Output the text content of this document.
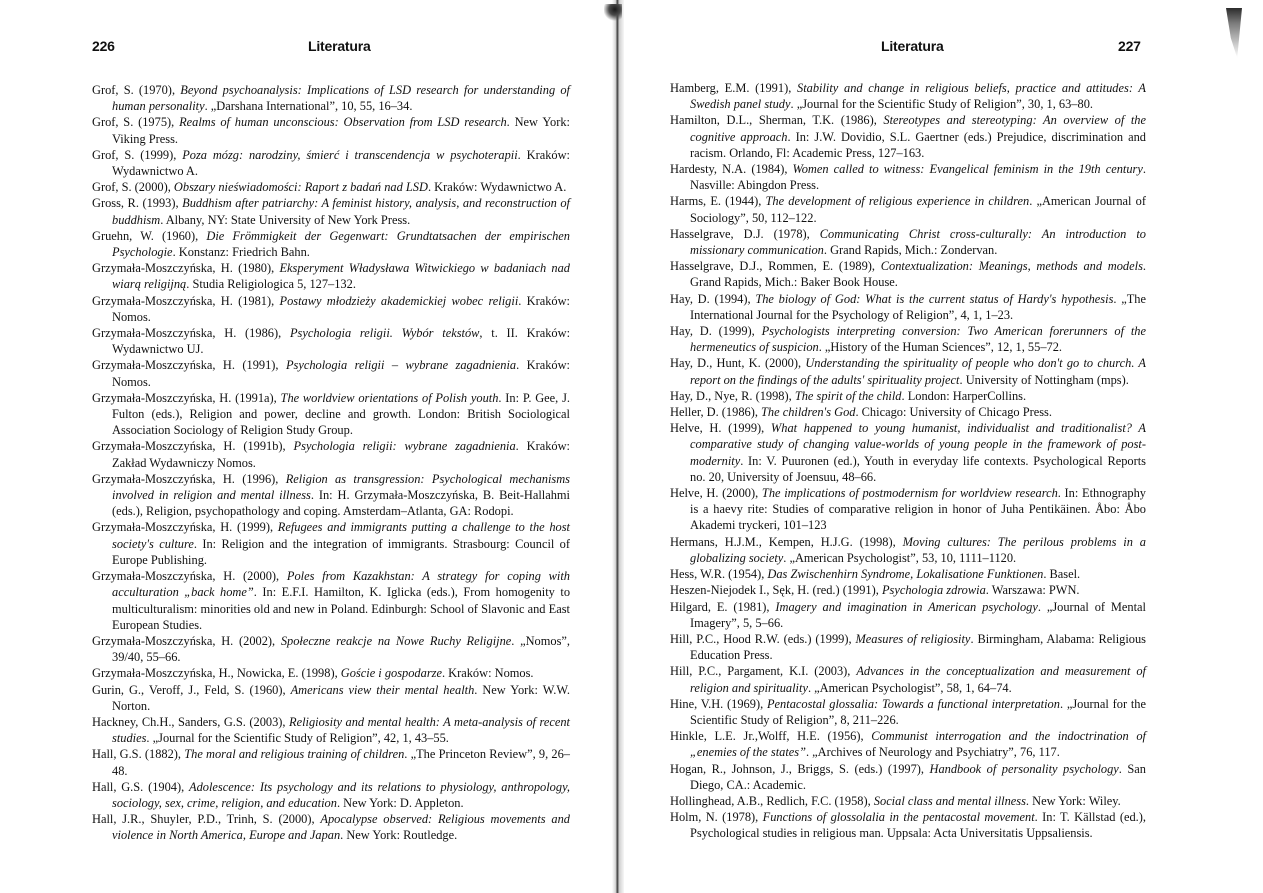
226	Literatura
Grof, S. (1970), Beyond psychoanalysis: Implications of LSD research for understanding of human personality. „Darshana International”, 10, 55, 16–34.
Grof, S. (1975), Realms of human unconscious: Observation from LSD research. New York: Viking Press.
Grof, S. (1999), Poza mózg: narodziny, śmierć i transcendencja w psychoterapii. Kraków: Wydawnictwo A.
Grof, S. (2000), Obszary nieświadomości: Raport z badań nad LSD. Kraków: Wydawnictwo A.
Gross, R. (1993), Buddhism after patriarchy: A feminist history, analysis, and reconstruction of buddhism. Albany, NY: State University of New York Press.
Gruehn, W. (1960), Die Frömmigkeit der Gegenwart: Grundtatsachen der empirischen Psychologie. Konstanz: Friedrich Bahn.
Grzymała-Moszczyńska, H. (1980), Eksperyment Władysława Witwickiego w badaniach nad wiarą religijną. Studia Religiologica 5, 127–132.
Grzymała-Moszczyńska, H. (1981), Postawy młodzieży akademickiej wobec religii. Kraków: Nomos.
Grzymała-Moszczyńska, H. (1986), Psychologia religii. Wybór tekstów, t. II. Kraków: Wydawnictwo UJ.
Grzymała-Moszczyńska, H. (1991), Psychologia religii – wybrane zagadnienia. Kraków: Nomos.
Grzymała-Moszczyńska, H. (1991a), The worldview orientations of Polish youth. In: P. Gee, J. Fulton (eds.), Religion and power, decline and growth. London: British Sociological Association Sociology of Religion Study Group.
Grzymała-Moszczyńska, H. (1991b), Psychologia religii: wybrane zagadnienia. Kraków: Zakład Wydawniczy Nomos.
Grzymała-Moszczyńska, H. (1996), Religion as transgression: Psychological mechanisms involved in religion and mental illness. In: H. Grzymała-Moszczyńska, B. Beit-Hallahmi (eds.), Religion, psychopathology and coping. Amsterdam–Atlanta, GA: Rodopi.
Grzymała-Moszczyńska, H. (1999), Refugees and immigrants putting a challenge to the host society's culture. In: Religion and the integration of immigrants. Strasbourg: Council of Europe Publishing.
Grzymała-Moszczyńska, H. (2000), Poles from Kazakhstan: A strategy for coping with acculturation „back home”. In: E.F.I. Hamilton, K. Iglicka (eds.), From homogenity to multiculturalism: minorities old and new in Poland. Edinburgh: School of Slavonic and East European Studies.
Grzymała-Moszczyńska, H. (2002), Społeczne reakcje na Nowe Ruchy Religijne. „Nomos”, 39/40, 55–66.
Grzymała-Moszczyńska, H., Nowicka, E. (1998), Goście i gospodarze. Kraków: Nomos.
Gurin, G., Veroff, J., Feld, S. (1960), Americans view their mental health. New York: W.W. Norton.
Hackney, Ch.H., Sanders, G.S. (2003), Religiosity and mental health: A meta-analysis of recent studies. „Journal for the Scientific Study of Religion”, 42, 1, 43–55.
Hall, G.S. (1882), The moral and religious training of children. „The Princeton Review”, 9, 26–48.
Hall, G.S. (1904), Adolescence: Its psychology and its relations to physiology, anthropology, sociology, sex, crime, religion, and education. New York: D. Appleton.
Hall, J.R., Shuyler, P.D., Trinh, S. (2000), Apocalypse observed: Religious movements and violence in North America, Europe and Japan. New York: Routledge.
Literatura	227
Hamberg, E.M. (1991), Stability and change in religious beliefs, practice and attitudes: A Swedish panel study. „Journal for the Scientific Study of Religion”, 30, 1, 63–80.
Hamilton, D.L., Sherman, T.K. (1986), Stereotypes and stereotyping: An overview of the cognitive approach. In: J.W. Dovidio, S.L. Gaertner (eds.) Prejudice, discrimination and racism. Orlando, Fl: Academic Press, 127–163.
Hardesty, N.A. (1984), Women called to witness: Evangelical feminism in the 19th century. Nasville: Abingdon Press.
Harms, E. (1944), The development of religious experience in children. „American Journal of Sociology”, 50, 112–122.
Hasselgrave, D.J. (1978), Communicating Christ cross-culturally: An introduction to missionary communication. Grand Rapids, Mich.: Zondervan.
Hasselgrave, D.J., Rommen, E. (1989), Contextualization: Meanings, methods and models. Grand Rapids, Mich.: Baker Book House.
Hay, D. (1994), The biology of God: What is the current status of Hardy's hypothesis. „The International Journal for the Psychology of Religion”, 4, 1, 1–23.
Hay, D. (1999), Psychologists interpreting conversion: Two American forerunners of the hermeneutics of suspicion. „History of the Human Sciences”, 12, 1, 55–72.
Hay, D., Hunt, K. (2000), Understanding the spirituality of people who don't go to church. A report on the findings of the adults' spirituality project. University of Nottingham (mps).
Hay, D., Nye, R. (1998), The spirit of the child. London: HarperCollins.
Heller, D. (1986), The children's God. Chicago: University of Chicago Press.
Helve, H. (1999), What happened to young humanist, individualist and traditionalist? A comparative study of changing value-worlds of young people in the framework of post-modernity. In: V. Puuronen (ed.), Youth in everyday life contexts. Psychological Reports no. 20, University of Joensuu, 48–66.
Helve, H. (2000), The implications of postmodernism for worldview research. In: Ethnography is a haevy rite: Studies of comparative religion in honor of Juha Pentikäinen. Åbo: Åbo Akademi tryckeri, 101–123
Hermans, H.J.M., Kempen, H.J.G. (1998), Moving cultures: The perilous problems in a globalizing society. „American Psychologist”, 53, 10, 1111–1120.
Hess, W.R. (1954), Das Zwischenhirn Syndrome, Lokalisatione Funktionen. Basel.
Heszen-Niejodek I., Sęk, H. (red.) (1991), Psychologia zdrowia. Warszawa: PWN.
Hilgard, E. (1981), Imagery and imagination in American psychology. „Journal of Mental Imagery”, 5, 5–66.
Hill, P.C., Hood R.W. (eds.) (1999), Measures of religiosity. Birmingham, Alabama: Religious Education Press.
Hill, P.C., Pargament, K.I. (2003), Advances in the conceptualization and measurement of religion and spirituality. „American Psychologist”, 58, 1, 64–74.
Hine, V.H. (1969), Pentacostal glossalia: Towards a functional interpretation. „Journal for the Scientific Study of Religion”, 8, 211–226.
Hinkle, L.E. Jr.,Wolff, H.E. (1956), Communist interrogation and the indoctrination of „enemies of the states”. „Archives of Neurology and Psychiatry”, 76, 117.
Hogan, R., Johnson, J., Briggs, S. (eds.) (1997), Handbook of personality psychology. San Diego, CA.: Academic.
Hollinghead, A.B., Redlich, F.C. (1958), Social class and mental illness. New York: Wiley.
Holm, N. (1978), Functions of glossolalia in the pentacostal movement. In: T. Källstad (ed.), Psychological studies in religious man. Uppsala: Acta Universitatis Uppsaliensis.
